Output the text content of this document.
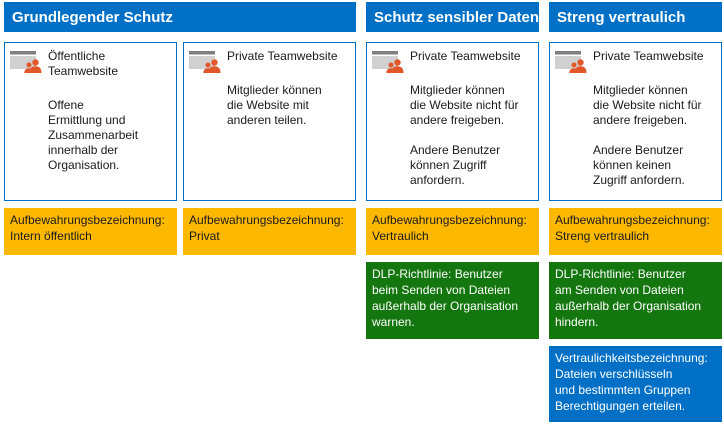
Grundlegender Schutz
Öffentliche
Teamwebsite
Offene
Ermittlung und
Zusammenarbeit
innerhalb der
Organisation.
Private Teamwebsite
Mitglieder können
die Website mit
anderen teilen.
Aufbewahrungsbezeichnung:
Intern öffentlich
Aufbewahrungsbezeichnung:
Privat
Schutz sensibler Daten
Private Teamwebsite
Mitglieder können
die Website nicht für
andere freigeben.
Andere Benutzer
können Zugriff
anfordern.
Aufbewahrungsbezeichnung:
Vertraulich
DLP-Richtlinie: Benutzer
beim Senden von Dateien
außerhalb der Organisation
warnen.
Streng vertraulich
Private Teamwebsite
Mitglieder können
die Website nicht für
andere freigeben.
Andere Benutzer
können keinen
Zugriff anfordern.
Aufbewahrungsbezeichnung:
Streng vertraulich
DLP-Richtlinie: Benutzer
am Senden von Dateien
außerhalb der Organisation
hindern.
Vertraulichkeitsbezeichnung:
Dateien verschlüsseln
und bestimmten Gruppen
Berechtigungen erteilen.
